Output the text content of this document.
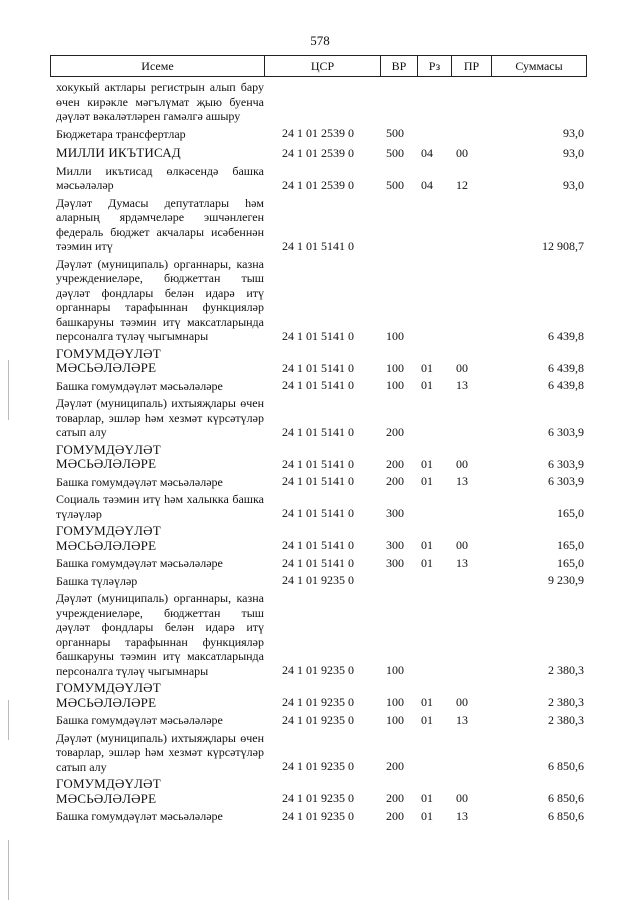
578
Исеме	ЦСР	ВР	Рз	ПР	Суммасы
хокукый актлары регистрын алып бару өчен кирәкле мәгълүмат җыю буенча дәүләт вәкаләтләрен гамәлгә ашыру
Бюджетара трансфертлар	24 1 01 2539 0	500	93,0
МИЛЛИ ИКЪТИСАД	24 1 01 2539 0	500 04 00	93,0
Милли икътисад өлкәсендә башка мәсьәләләр	24 1 01 2539 0	500 04 12	93,0
Дәүләт Думасы депутатлары һәм аларның ярдәмчеләре эшчәнлеген федераль бюджет акчалары исәбеннән тәэмин итү	24 1 01 5141 0	12 908,7
Дәүләт (муниципаль) органнары, казна учреждениеләре, бюджеттан тыш дәүләт фондлары белән идарә итү органнары тарафыннан функцияләр башкаруны тәэмин итү максатларында персоналга түләү чыгымнары	24 1 01 5141 0	100	6 439,8
ГОМУМДӘҮЛӘТ МӘСЬӘЛӘЛӘРЕ	24 1 01 5141 0	100 01 00	6 439,8
Башка гомумдәүләт мәсьәләләре	24 1 01 5141 0	100 01 13	6 439,8
Дәүләт (муниципаль) ихтыяҗлары өчен товарлар, эшләр һәм хезмәт күрсәтүләр сатып алу	24 1 01 5141 0	200	6 303,9
ГОМУМДӘҮЛӘТ МӘСЬӘЛӘЛӘРЕ	24 1 01 5141 0	200 01 00	6 303,9
Башка гомумдәүләт мәсьәләләре	24 1 01 5141 0	200 01 13	6 303,9
Социаль тәэмин итү һәм халыкка башка түләүләр	24 1 01 5141 0	300	165,0
ГОМУМДӘҮЛӘТ МӘСЬӘЛӘЛӘРЕ	24 1 01 5141 0	300 01 00	165,0
Башка гомумдәүләт мәсьәләләре	24 1 01 5141 0	300 01 13	165,0
Башка түләүләр	24 1 01 9235 0	9 230,9
Дәүләт (муниципаль) органнары, казна учреждениеләре, бюджеттан тыш дәүләт фондлары белән идарә итү органнары тарафыннан функцияләр башкаруны тәэмин итү максатларында персоналга түләү чыгымнары	24 1 01 9235 0	100	2 380,3
ГОМУМДӘҮЛӘТ МӘСЬӘЛӘЛӘРЕ	24 1 01 9235 0	100 01 00	2 380,3
Башка гомумдәүләт мәсьәләләре	24 1 01 9235 0	100 01 13	2 380,3
Дәүләт (муниципаль) ихтыяҗлары өчен товарлар, эшләр һәм хезмәт күрсәтүләр сатып алу	24 1 01 9235 0	200	6 850,6
ГОМУМДӘҮЛӘТ МӘСЬӘЛӘЛӘРЕ	24 1 01 9235 0	200 01 00	6 850,6
Башка гомумдәүләт мәсьәләләре	24 1 01 9235 0	200 01 13	6 850,6
